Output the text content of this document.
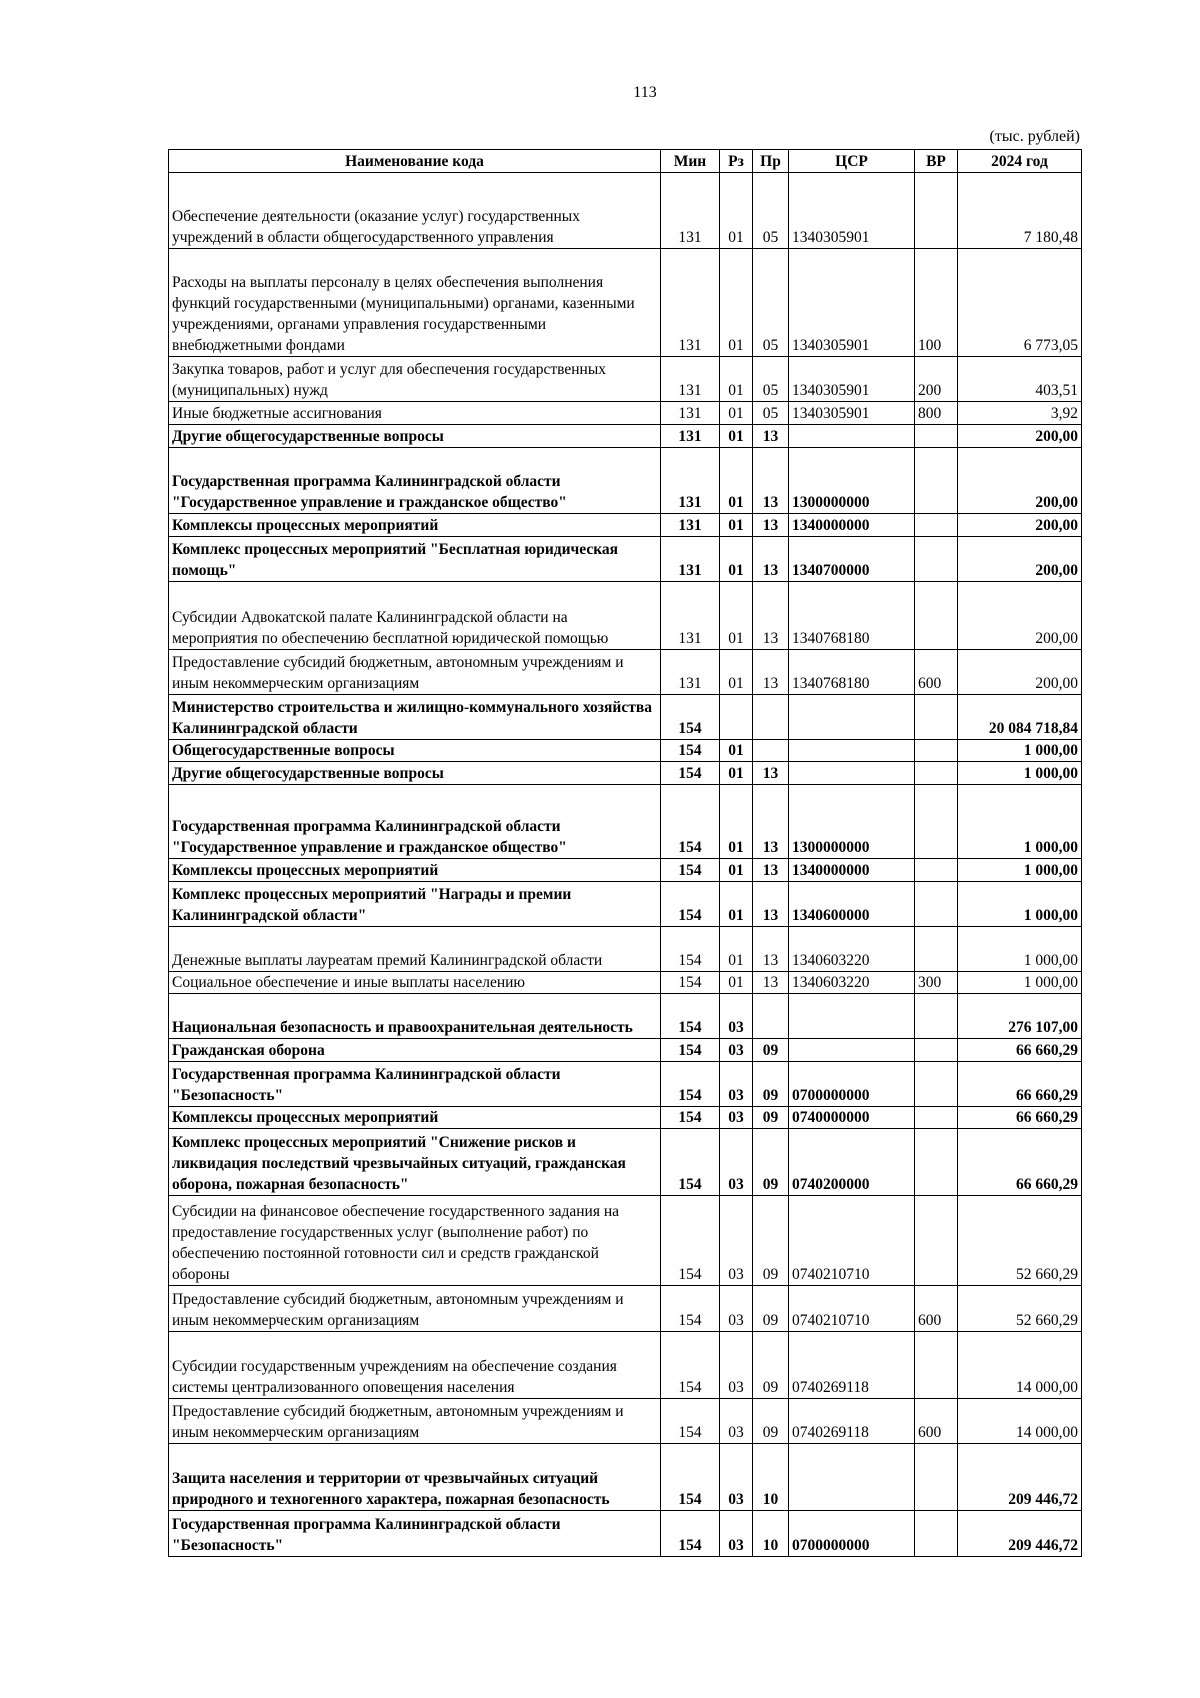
113
(тыс. рублей)
Наименование кода	Мин	Рз	Пр	ЦСР	ВР	2024 год
Обеспечение деятельности (оказание услуг) государственных учреждений в области общегосударственного управления	131	01	05	1340305901		7 180,48
Расходы на выплаты персоналу в целях обеспечения выполнения функций государственными (муниципальными) органами, казенными учреждениями, органами управления государственными внебюджетными фондами	131	01	05	1340305901	100	6 773,05
Закупка товаров, работ и услуг для обеспечения государственных (муниципальных) нужд	131	01	05	1340305901	200	403,51
Иные бюджетные ассигнования	131	01	05	1340305901	800	3,92
Другие общегосударственные вопросы	131	01	13			200,00
Государственная программа Калининградской области "Государственное управление и гражданское общество"	131	01	13	1300000000		200,00
Комплексы процессных мероприятий	131	01	13	1340000000		200,00
Комплекс процессных мероприятий "Бесплатная юридическая помощь"	131	01	13	1340700000		200,00
Субсидии Адвокатской палате Калининградской области на мероприятия по обеспечению бесплатной юридической помощью	131	01	13	1340768180		200,00
Предоставление субсидий бюджетным, автономным учреждениям и иным некоммерческим организациям	131	01	13	1340768180	600	200,00
Министерство строительства и жилищно-коммунального хозяйства Калининградской области	154					20 084 718,84
Общегосударственные вопросы	154	01				1 000,00
Другие общегосударственные вопросы	154	01	13			1 000,00
Государственная программа Калининградской области "Государственное управление и гражданское общество"	154	01	13	1300000000		1 000,00
Комплексы процессных мероприятий	154	01	13	1340000000		1 000,00
Комплекс процессных мероприятий "Награды и премии Калининградской области"	154	01	13	1340600000		1 000,00
Денежные выплаты лауреатам премий Калининградской области	154	01	13	1340603220		1 000,00
Социальное обеспечение и иные выплаты населению	154	01	13	1340603220	300	1 000,00
Национальная безопасность и правоохранительная деятельность	154	03				276 107,00
Гражданская оборона	154	03	09			66 660,29
Государственная программа Калининградской области "Безопасность"	154	03	09	0700000000		66 660,29
Комплексы процессных мероприятий	154	03	09	0740000000		66 660,29
Комплекс процессных мероприятий "Снижение рисков и ликвидация последствий чрезвычайных ситуаций, гражданская оборона, пожарная безопасность"	154	03	09	0740200000		66 660,29
Субсидии на финансовое обеспечение государственного задания на предоставление государственных услуг (выполнение работ) по обеспечению постоянной готовности сил и средств гражданской обороны	154	03	09	0740210710		52 660,29
Предоставление субсидий бюджетным, автономным учреждениям и иным некоммерческим организациям	154	03	09	0740210710	600	52 660,29
Субсидии государственным учреждениям на обеспечение создания системы централизованного оповещения населения	154	03	09	0740269118		14 000,00
Предоставление субсидий бюджетным, автономным учреждениям и иным некоммерческим организациям	154	03	09	0740269118	600	14 000,00
Защита населения и территории от чрезвычайных ситуаций природного и техногенного характера, пожарная безопасность	154	03	10			209 446,72
Государственная программа Калининградской области "Безопасность"	154	03	10	0700000000		209 446,72
